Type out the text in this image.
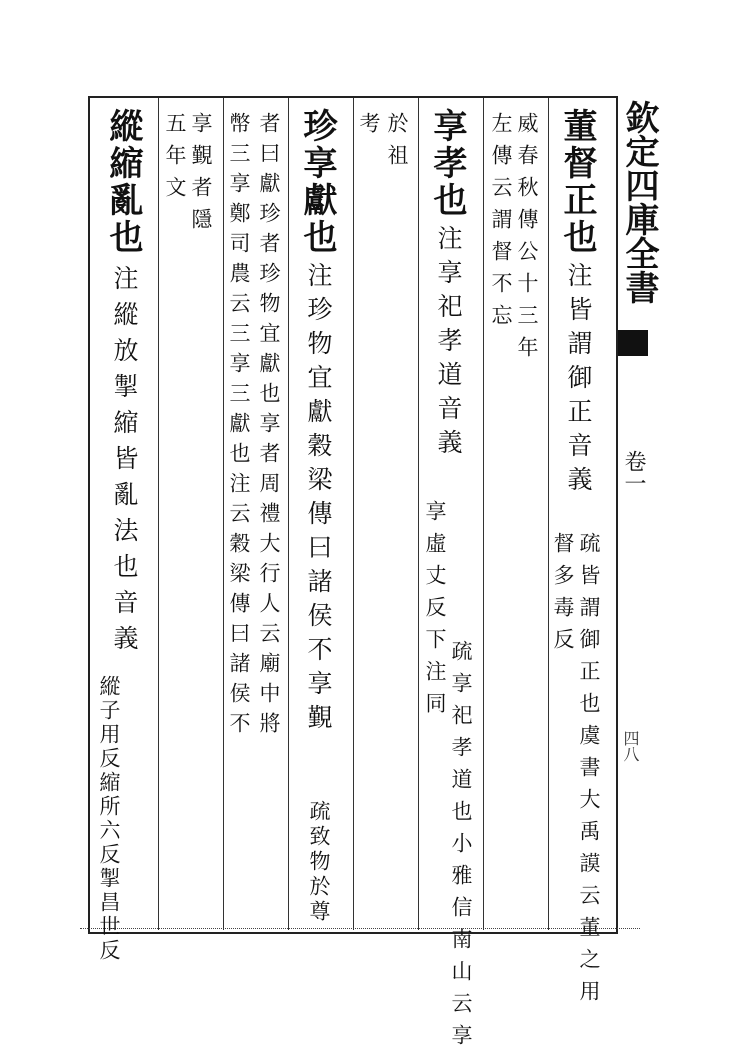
欽定四庫全書
卷一
四八
董督正也
注皆謂御正音義
督多毒反 疏皆謂御正也虞書大禹謨云董之用
威春秋傳公十三年
左傳云謂督不忘
享孝也
注享祀孝道音義
享虛丈反下注同
疏享祀孝道也小雅信南山云享
於祖
考
珍享獻也
注珍物宜獻穀梁傳曰諸侯不享覲
疏致物於尊
者曰獻珍者珍物宜獻也享者周禮大行人云廟中將
幣三享鄭司農云三享三獻也注云穀梁傳曰諸侯不
享覲者隱
五年文
縱縮亂也
注縱放掣縮皆亂法也音義
縱子用反縮所六反掣昌世反
